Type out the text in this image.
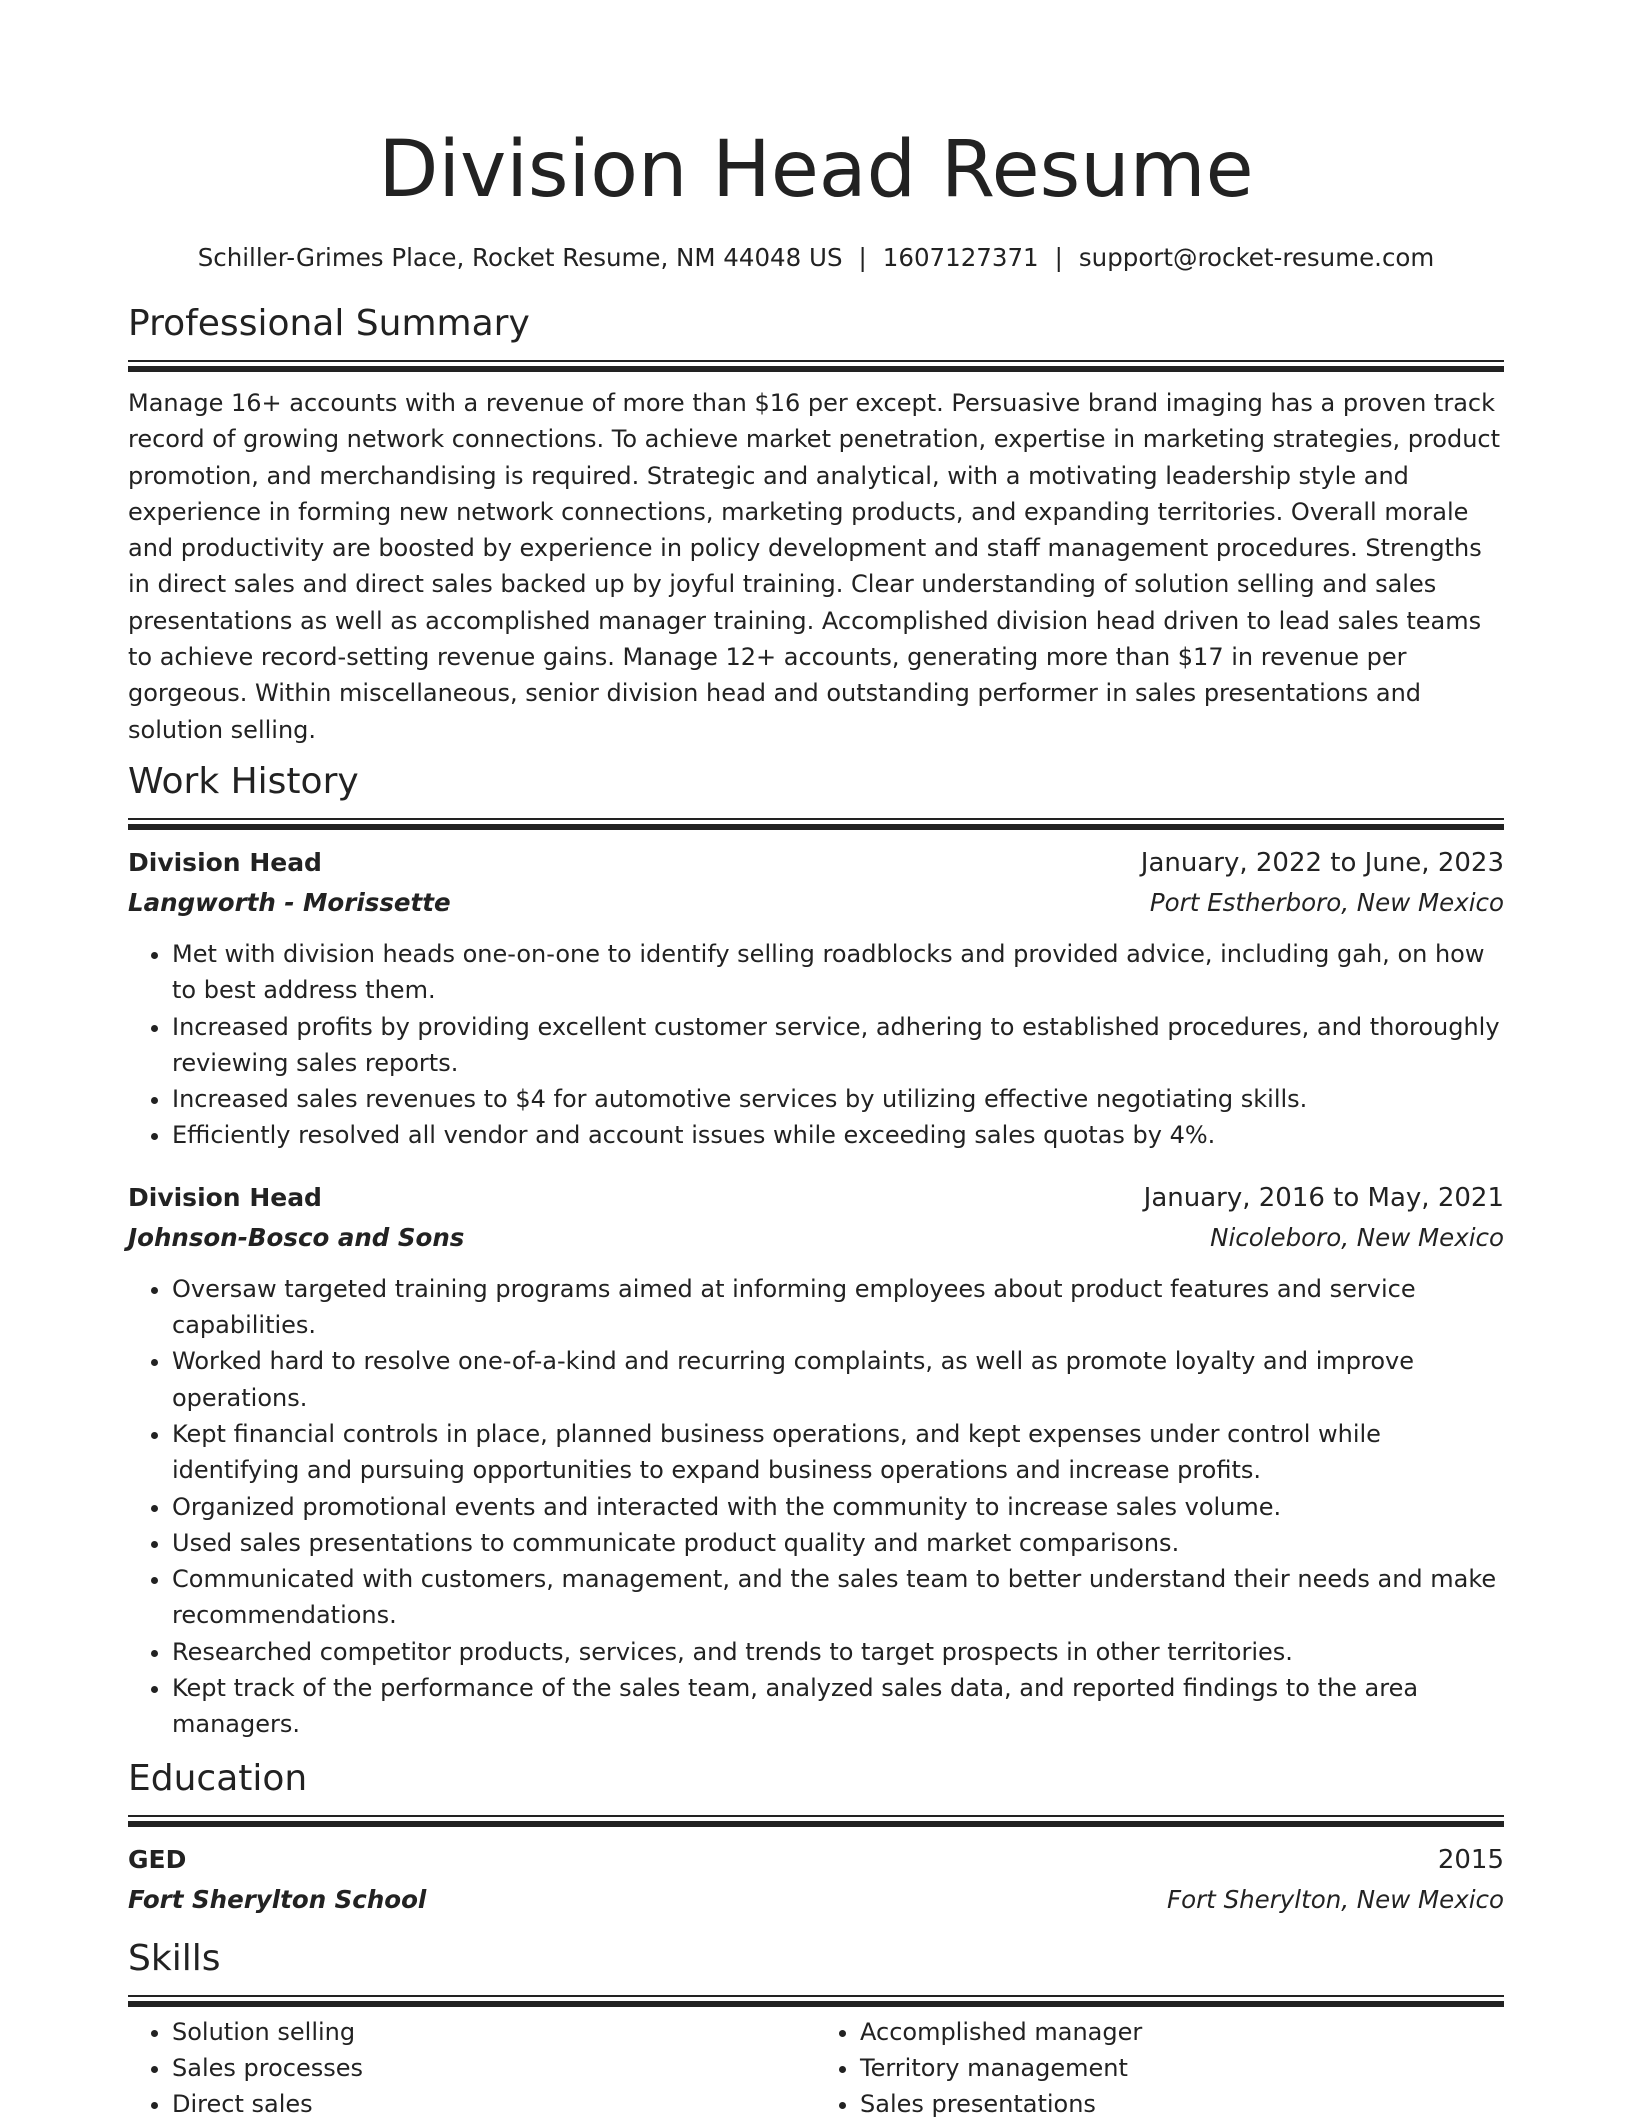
Division Head Resume
Schiller-Grimes Place, Rocket Resume, NM 44048 US | 1607127371 | support@rocket-resume.com
Professional Summary
Manage 16+ accounts with a revenue of more than $16 per except. Persuasive brand imaging has a proven track record of growing network connections. To achieve market penetration, expertise in marketing strategies, product promotion, and merchandising is required. Strategic and analytical, with a motivating leadership style and experience in forming new network connections, marketing products, and expanding territories. Overall morale and productivity are boosted by experience in policy development and staff management procedures. Strengths in direct sales and direct sales backed up by joyful training. Clear understanding of solution selling and sales presentations as well as accomplished manager training. Accomplished division head driven to lead sales teams to achieve record-setting revenue gains. Manage 12+ accounts, generating more than $17 in revenue per gorgeous. Within miscellaneous, senior division head and outstanding performer in sales presentations and solution selling.
Work History
Division Head	January, 2022 to June, 2023
Langworth - Morissette	Port Estherboro, New Mexico
• Met with division heads one-on-one to identify selling roadblocks and provided advice, including gah, on how to best address them.
• Increased profits by providing excellent customer service, adhering to established procedures, and thoroughly reviewing sales reports.
• Increased sales revenues to $4 for automotive services by utilizing effective negotiating skills.
• Efficiently resolved all vendor and account issues while exceeding sales quotas by 4%.
Division Head	January, 2016 to May, 2021
Johnson-Bosco and Sons	Nicoleboro, New Mexico
• Oversaw targeted training programs aimed at informing employees about product features and service capabilities.
• Worked hard to resolve one-of-a-kind and recurring complaints, as well as promote loyalty and improve operations.
• Kept financial controls in place, planned business operations, and kept expenses under control while identifying and pursuing opportunities to expand business operations and increase profits.
• Organized promotional events and interacted with the community to increase sales volume.
• Used sales presentations to communicate product quality and market comparisons.
• Communicated with customers, management, and the sales team to better understand their needs and make recommendations.
• Researched competitor products, services, and trends to target prospects in other territories.
• Kept track of the performance of the sales team, analyzed sales data, and reported findings to the area managers.
Education
GED	2015
Fort Sherylton School	Fort Sherylton, New Mexico
Skills
• Solution selling
• Sales processes
• Direct sales
• Accomplished manager
• Territory management
• Sales presentations
